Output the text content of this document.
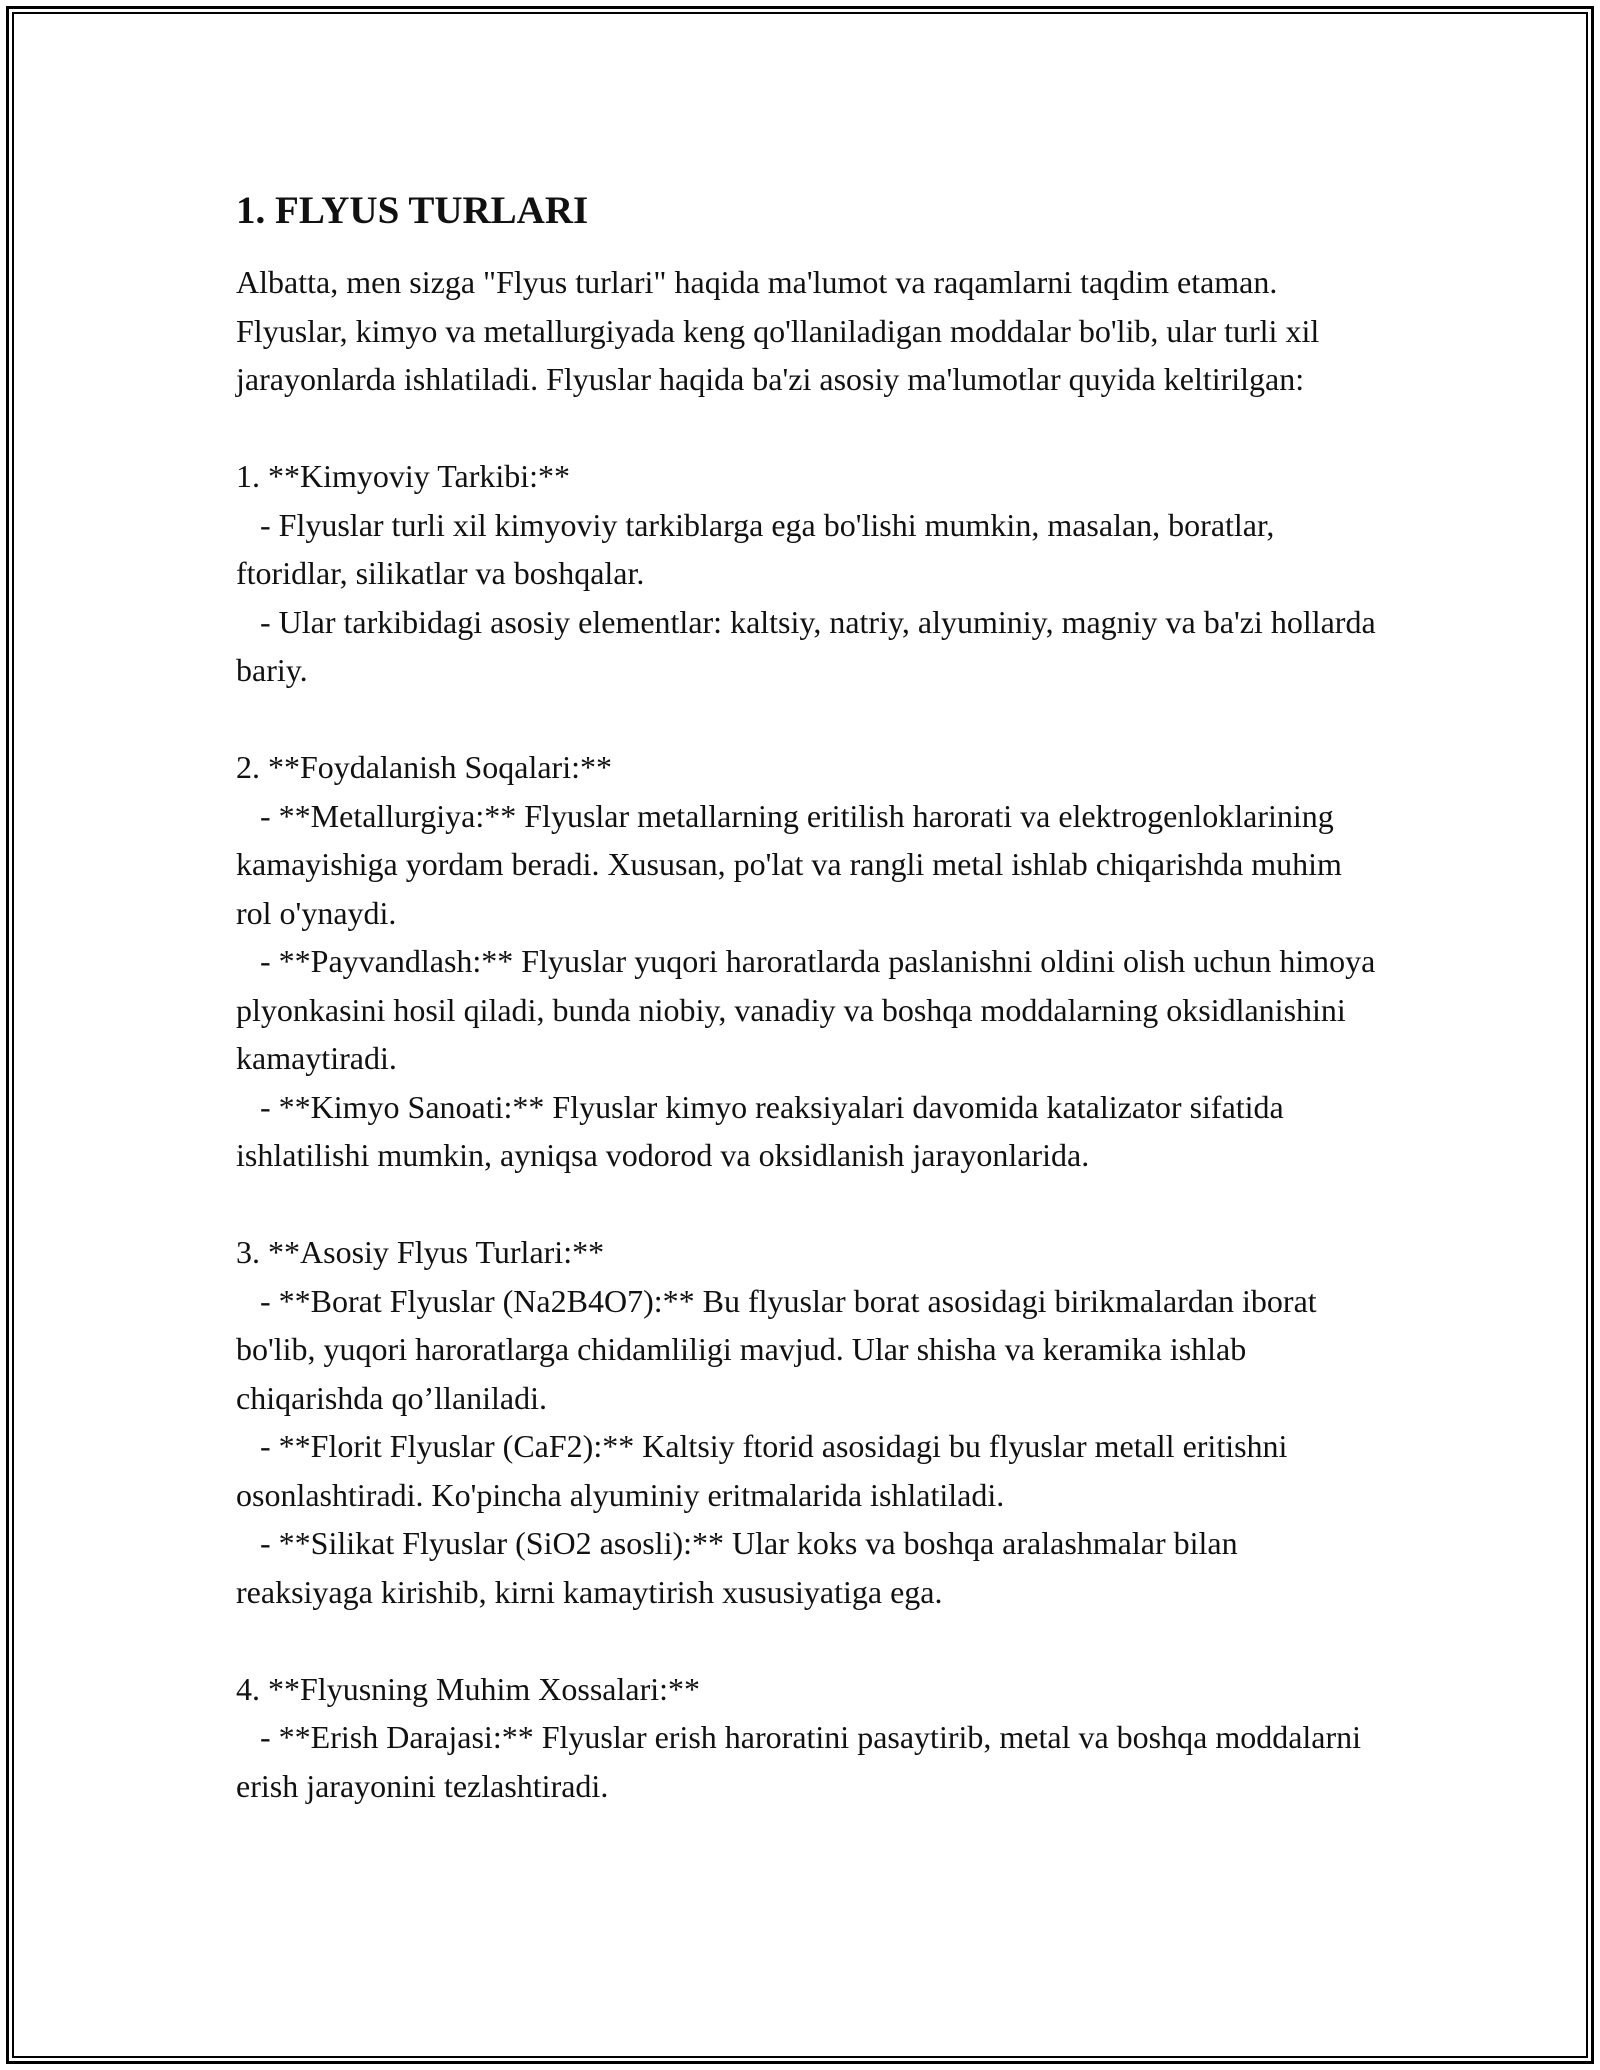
1. FLYUS TURLARI

Albatta, men sizga "Flyus turlari" haqida ma'lumot va raqamlarni taqdim etaman. Flyuslar, kimyo va metallurgiyada keng qo'llaniladigan moddalar bo'lib, ular turli xil jarayonlarda ishlatiladi. Flyuslar haqida ba'zi asosiy ma'lumotlar quyida keltirilgan:

1. **Kimyoviy Tarkibi:**

- Flyuslar turli xil kimyoviy tarkiblarga ega bo'lishi mumkin, masalan, boratlar, ftoridlar, silikatlar va boshqalar.

- Ular tarkibidagi asosiy elementlar: kaltsiy, natriy, alyuminiy, magniy va ba'zi hollarda bariy.

2. **Foydalanish Soqalari:**

- **Metallurgiya:** Flyuslar metallarning eritilish harorati va elektrogenloklarining kamayishiga yordam beradi. Xususan, po'lat va rangli metal ishlab chiqarishda muhim rol o'ynaydi.

- **Payvandlash:** Flyuslar yuqori haroratlarda paslanishni oldini olish uchun himoya plyonkasini hosil qiladi, bunda niobiy, vanadiy va boshqa moddalarning oksidlanishini kamaytiradi.

- **Kimyo Sanoati:** Flyuslar kimyo reaksiyalari davomida katalizator sifatida ishlatilishi mumkin, ayniqsa vodorod va oksidlanish jarayonlarida.

3. **Asosiy Flyus Turlari:**

- **Borat Flyuslar (Na2B4O7):** Bu flyuslar borat asosidagi birikmalardan iborat bo'lib, yuqori haroratlarga chidamliligi mavjud. Ular shisha va keramika ishlab chiqarishda qo’llaniladi.

- **Florit Flyuslar (CaF2):** Kaltsiy ftorid asosidagi bu flyuslar metall eritishni osonlashtiradi. Ko'pincha alyuminiy eritmalarida ishlatiladi.

- **Silikat Flyuslar (SiO2 asosli):** Ular koks va boshqa aralashmalar bilan reaksiyaga kirishib, kirni kamaytirish xususiyatiga ega.

4. **Flyusning Muhim Xossalari:**

- **Erish Darajasi:** Flyuslar erish haroratini pasaytirib, metal va boshqa moddalarni erish jarayonini tezlashtiradi.
